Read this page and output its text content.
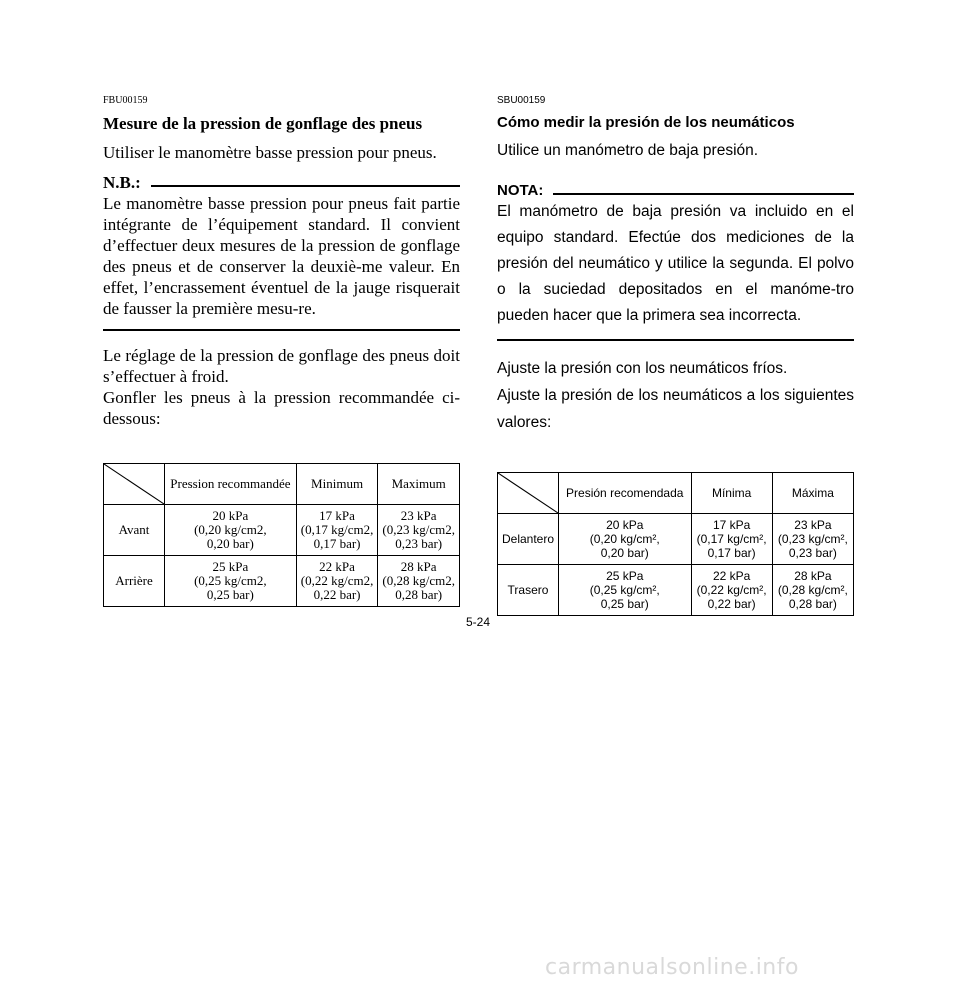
FBU00159
Mesure de la pression de gonflage des pneus
Utiliser le manomètre basse pression pour pneus.
N.B.:
Le manomètre basse pression pour pneus fait partie intégrante de l’équipement standard. Il convient d’effectuer deux mesures de la pression de gonflage des pneus et de conserver la deuxiè-me valeur. En effet, l’encrassement éventuel de la jauge risquerait de fausser la première mesu-re.
Le réglage de la pression de gonflage des pneus doit s’effectuer à froid.
Gonfler les pneus à la pression recommandée ci-dessous:
	Pression recommandée	Minimum	Maximum
Avant	20 kPa
(0,20 kg/cm2,
0,20 bar)	17 kPa
(0,17 kg/cm2,
0,17 bar)	23 kPa
(0,23 kg/cm2,
0,23 bar)

Arrière	25 kPa
(0,25 kg/cm2,
0,25 bar)	22 kPa
(0,22 kg/cm2,
0,22 bar)	28 kPa
(0,28 kg/cm2,
0,28 bar)
SBU00159
Cómo medir la presión de los neumáticos
Utilice un manómetro de baja presión.
NOTA:
El manómetro de baja presión va incluido en el equipo standard. Efectúe dos mediciones de la presión del neumático y utilice la segunda. El polvo o la suciedad depositados en el manóme-tro pueden hacer que la primera sea incorrecta.
Ajuste la presión con los neumáticos fríos.
Ajuste la presión de los neumáticos a los siguientes valores:
	Presión recomendada	Mínima	Máxima
Delantero	20 kPa
(0,20 kg/cm²,
0,20 bar)	17 kPa
(0,17 kg/cm²,
0,17 bar)	23 kPa
(0,23 kg/cm²,
0,23 bar)

Trasero	25 kPa
(0,25 kg/cm²,
0,25 bar)	22 kPa
(0,22 kg/cm²,
0,22 bar)	28 kPa
(0,28 kg/cm²,
0,28 bar)
5-24
carmanualsonline.info
